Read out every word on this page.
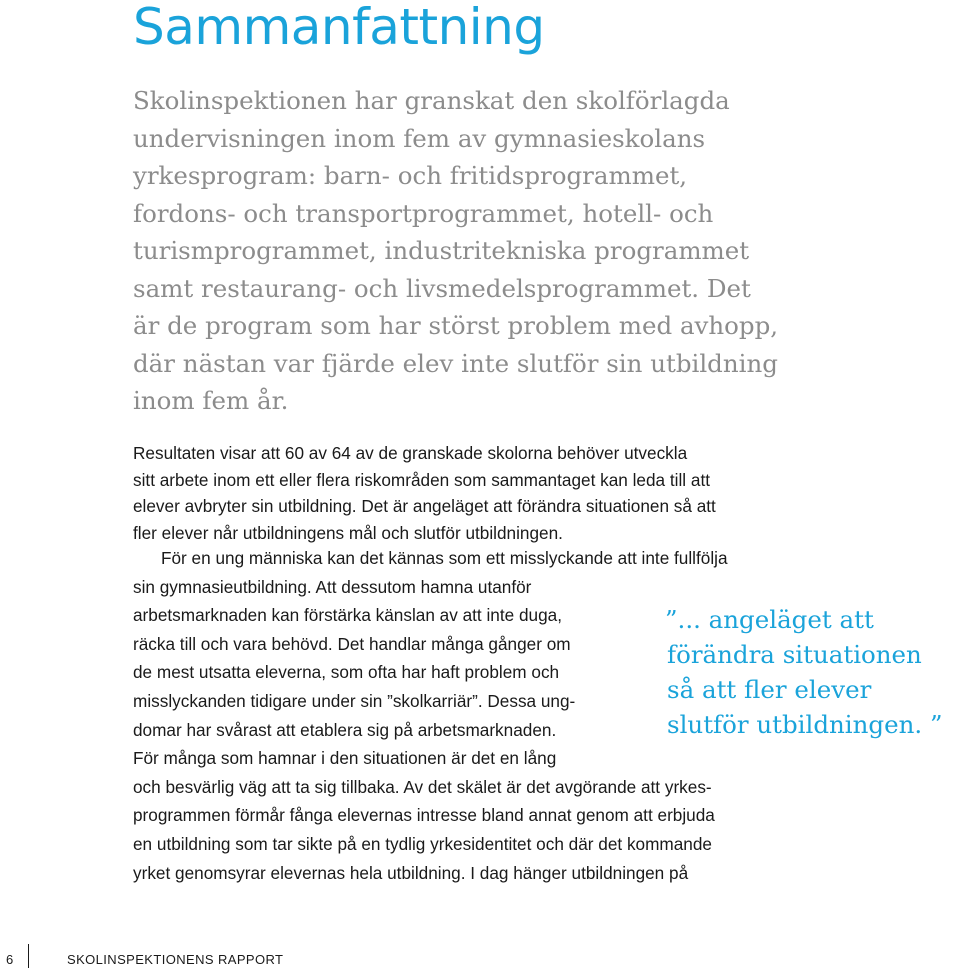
Sammanfattning
Skolinspektionen har granskat den skolförlagda
undervisningen inom fem av gymnasieskolans
yrkesprogram: barn- och fritidsprogrammet,
fordons- och transportprogrammet, hotell- och
turismprogrammet, industritekniska programmet
samt restaurang- och livsmedelsprogrammet. Det
är de program som har störst problem med avhopp,
där nästan var fjärde elev inte slutför sin utbildning
inom fem år.
Resultaten visar att 60 av 64 av de granskade skolorna behöver utveckla
sitt arbete inom ett eller flera riskområden som sammantaget kan leda till att
elever avbryter sin utbildning. Det är angeläget att förändra situationen så att
fler elever når utbildningens mål och slutför utbildningen.
För en ung människa kan det kännas som ett misslyckande att inte fullfölja
sin gymnasieutbildning. Att dessutom hamna utanför
arbetsmarknaden kan förstärka känslan av att inte duga,
räcka till och vara behövd. Det handlar många gånger om
de mest utsatta eleverna, som ofta har haft problem och
misslyckanden tidigare under sin ”skolkarriär”. Dessa ung-
domar har svårast att etablera sig på arbetsmarknaden.
För många som hamnar i den situationen är det en lång
och besvärlig väg att ta sig tillbaka. Av det skälet är det avgörande att yrkes-
programmen förmår fånga elevernas intresse bland annat genom att erbjuda
en utbildning som tar sikte på en tydlig yrkesidentitet och där det kommande
yrket genomsyrar elevernas hela utbildning. I dag hänger utbildningen på
”... angeläget att
förändra situationen
så att fler elever
slutför utbildningen. ”
6	SKOLINSPEKTIONENS RAPPORT
